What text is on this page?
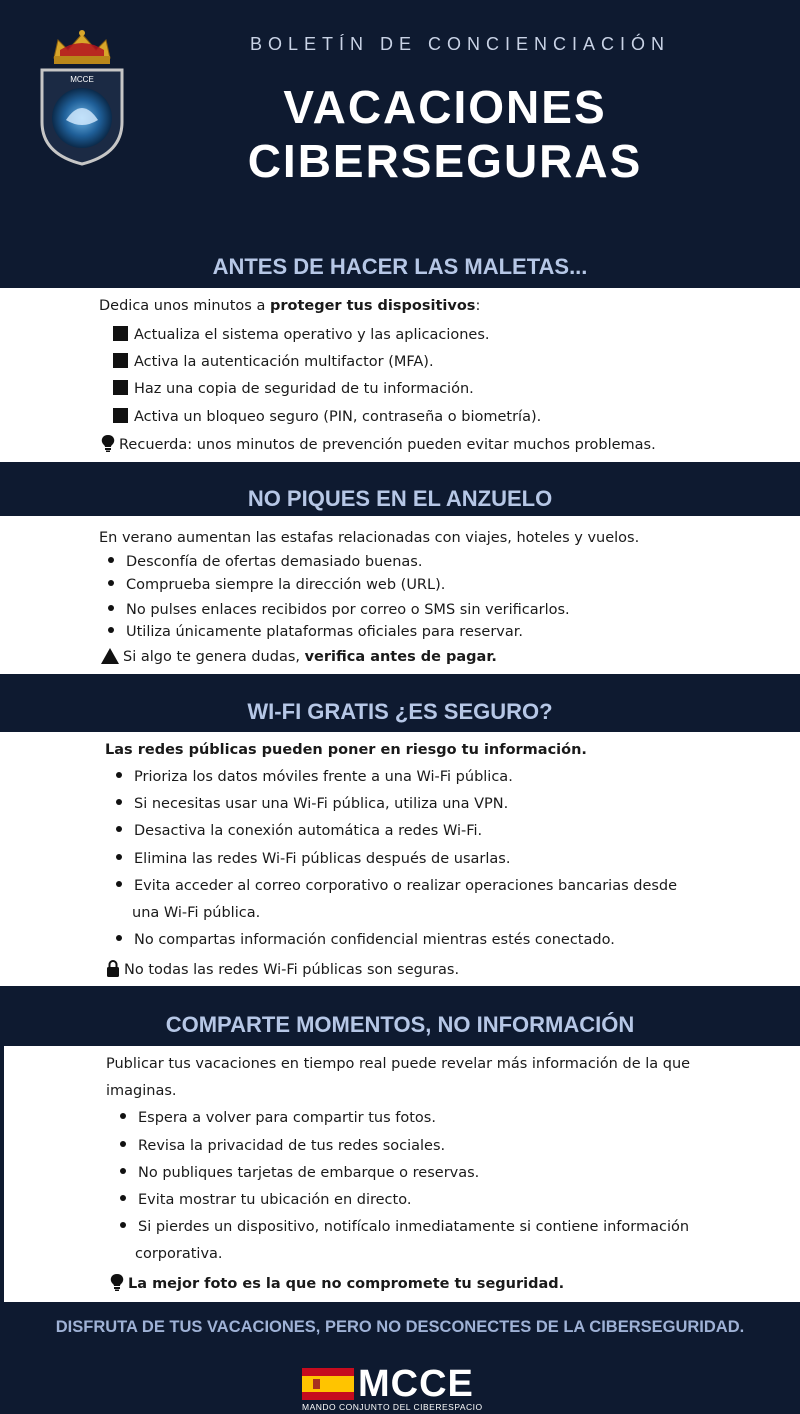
MCCE
BOLETÍN DE CONCIENCIACIÓN
VACACIONES
CIBERSEGURAS
ANTES DE HACER LAS MALETAS...
Dedica unos minutos a proteger tus dispositivos:
Actualiza el sistema operativo y las aplicaciones.
Activa la autenticación multifactor (MFA).
Haz una copia de seguridad de tu información.
Activa un bloqueo seguro (PIN, contraseña o biometría).
Recuerda: unos minutos de prevención pueden evitar muchos problemas.
NO PIQUES EN EL ANZUELO
En verano aumentan las estafas relacionadas con viajes, hoteles y vuelos.
Desconfía de ofertas demasiado buenas.
Comprueba siempre la dirección web (URL).
No pulses enlaces recibidos por correo o SMS sin verificarlos.
Utiliza únicamente plataformas oficiales para reservar.
Si algo te genera dudas, verifica antes de pagar.
WI-FI GRATIS ¿ES SEGURO?
Las redes públicas pueden poner en riesgo tu información.
Prioriza los datos móviles frente a una Wi-Fi pública.
Si necesitas usar una Wi-Fi pública, utiliza una VPN.
Desactiva la conexión automática a redes Wi-Fi.
Elimina las redes Wi-Fi públicas después de usarlas.
Evita acceder al correo corporativo o realizar operaciones bancarias desde
una Wi-Fi pública.
No compartas información confidencial mientras estés conectado.
No todas las redes Wi-Fi públicas son seguras.
COMPARTE MOMENTOS, NO INFORMACIÓN
Publicar tus vacaciones en tiempo real puede revelar más información de la que
imaginas.
Espera a volver para compartir tus fotos.
Revisa la privacidad de tus redes sociales.
No publiques tarjetas de embarque o reservas.
Evita mostrar tu ubicación en directo.
Si pierdes un dispositivo, notifícalo inmediatamente si contiene información
corporativa.
La mejor foto es la que no compromete tu seguridad.
DISFRUTA DE TUS VACACIONES, PERO NO DESCONECTES DE LA CIBERSEGURIDAD.
MCCE
MANDO CONJUNTO DEL CIBERESPACIO
